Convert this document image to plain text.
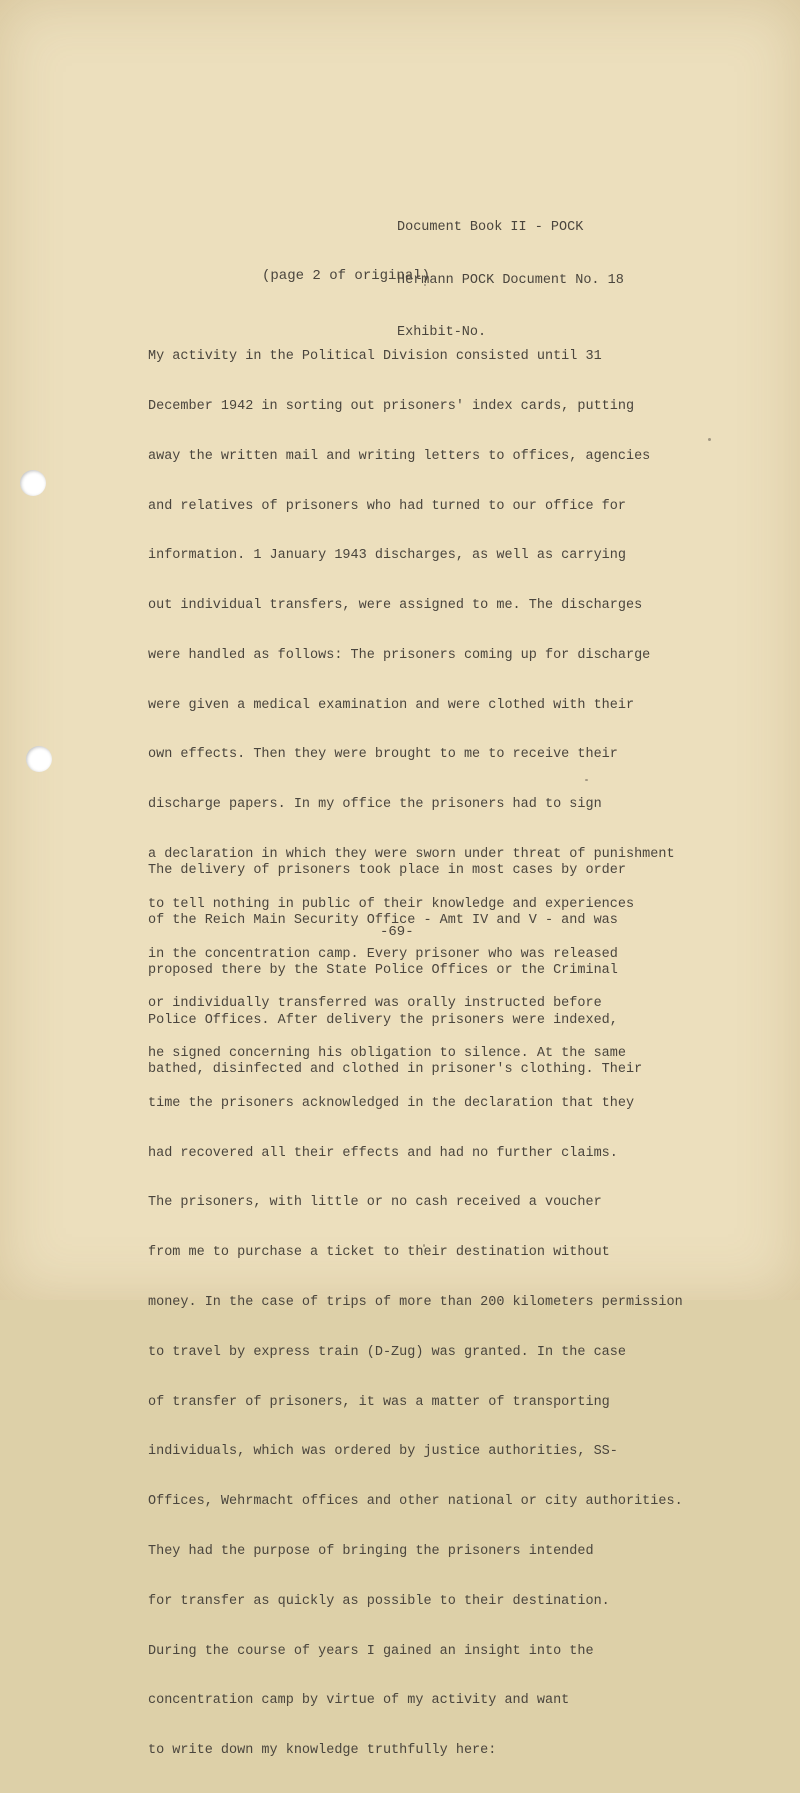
Document Book II - POCK

Hermann POCK Document No. 18

Exhibit-No.

(page 2 of original)

My activity in the Political Division consisted until 31

December 1942 in sorting out prisoners' index cards, putting

away the written mail and writing letters to offices, agencies

and relatives of prisoners who had turned to our office for

information. 1 January 1943 discharges, as well as carrying

out individual transfers, were assigned to me. The discharges

were handled as follows: The prisoners coming up for discharge

were given a medical examination and were clothed with their

own effects. Then they were brought to me to receive their

discharge papers. In my office the prisoners had to sign

a declaration in which they were sworn under threat of punishment

to tell nothing in public of their knowledge and experiences

in the concentration camp. Every prisoner who was released

or individually transferred was orally instructed before

he signed concerning his obligation to silence. At the same

time the prisoners acknowledged in the declaration that they

had recovered all their effects and had no further claims.

The prisoners, with little or no cash received a voucher

from me to purchase a ticket to their destination without

money. In the case of trips of more than 200 kilometers permission

to travel by express train (D-Zug) was granted. In the case

of transfer of prisoners, it was a matter of transporting

individuals, which was ordered by justice authorities, SS-

Offices, Wehrmacht offices and other national or city authorities.

They had the purpose of bringing the prisoners intended

for transfer as quickly as possible to their destination.

During the course of years I gained an insight into the

concentration camp by virtue of my activity and want

to write down my knowledge truthfully here:

The delivery of prisoners took place in most cases by order

of the Reich Main Security Office - Amt IV and V - and was

proposed there by the State Police Offices or the Criminal

Police Offices. After delivery the prisoners were indexed,

bathed, disinfected and clothed in prisoner's clothing. Their

-69-
